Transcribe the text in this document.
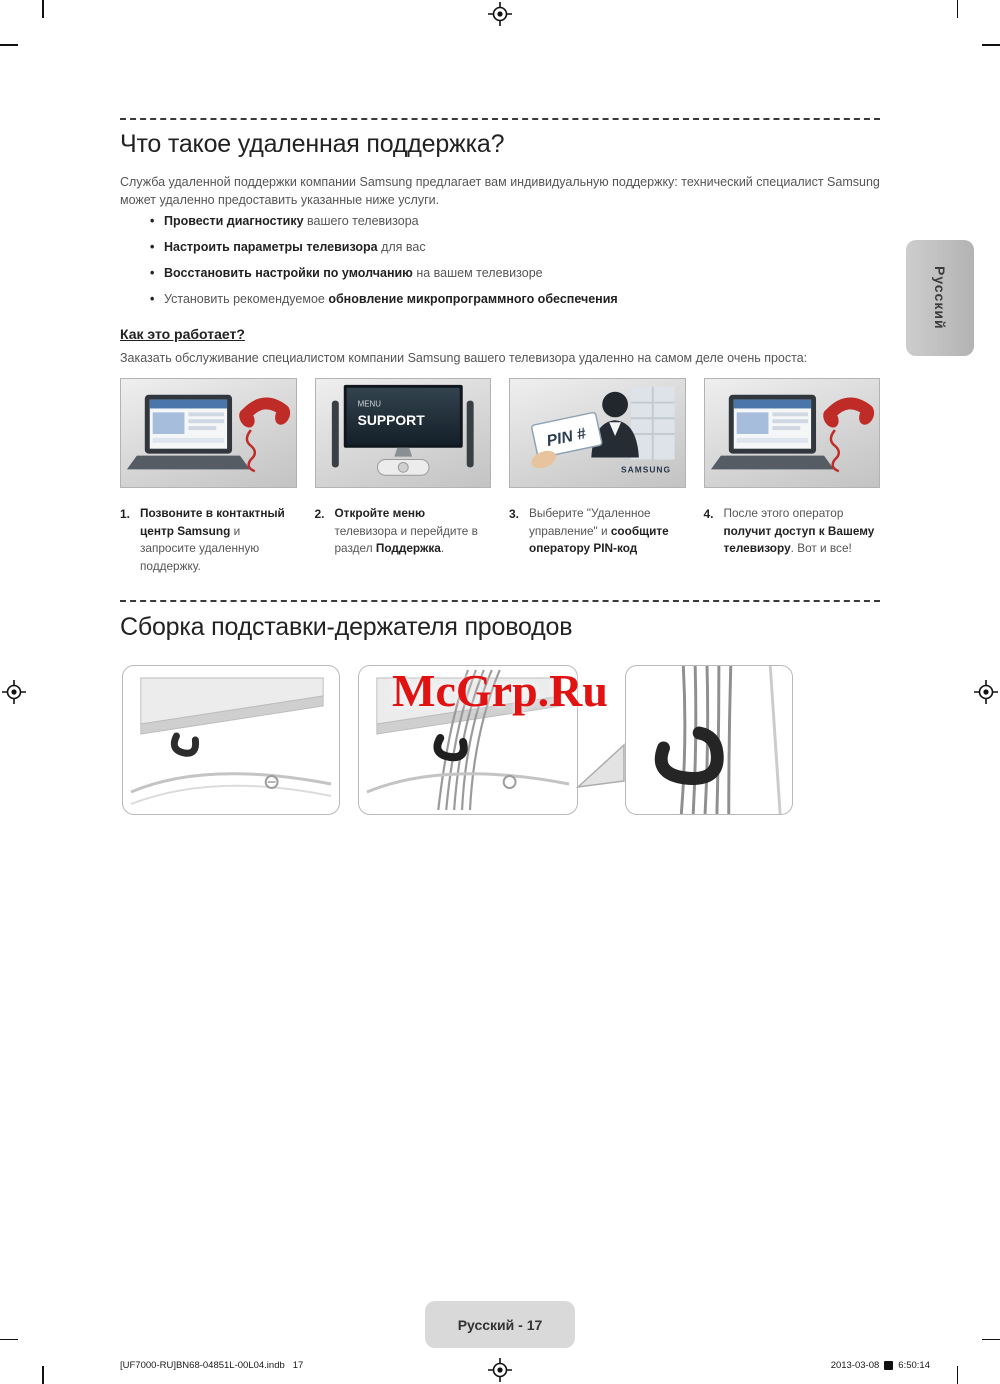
Что такое удаленная поддержка?

Служба удаленной поддержки компании Samsung предлагает вам индивидуальную поддержку: технический специалист Samsung может удаленно предоставить указанные ниже услуги.

• Провести диагностику вашего телевизора
• Настроить параметры телевизора для вас
• Восстановить настройки по умолчанию на вашем телевизоре
• Установить рекомендуемое обновление микропрограммного обеспечения
Как это работает?

Заказать обслуживание специалистом компании Samsung вашего телевизора удаленно на самом деле очень проста:

MENU
SUPPORT
PIN #
SAMSUNG
1. Позвоните в контактный центр Samsung и запросите удаленную поддержку.

2. Откройте меню телевизора и перейдите в раздел Поддержка.

3. Выберите "Удаленное управление" и сообщите оператору PIN-код

4. После этого оператор получит доступ к Вашему телевизору. Вот и все!

Сборка подставки-держателя проводов
McGrp.Ru
Русский
Русский - 17
[UF7000-RU]BN68-04851L-00L04.indb   17	2013-03-08 6:50:14
